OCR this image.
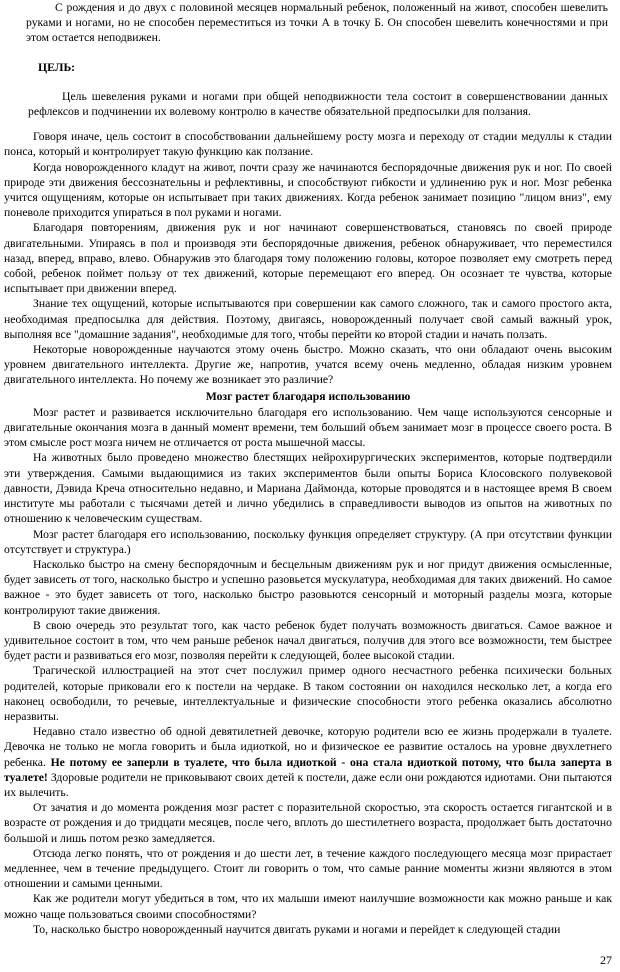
С рождения и до двух с половиной месяцев нормальный ребенок, положенный на живот, способен шевелить руками и ногами, но не способен переместиться из точки А в точку Б. Он способен шевелить конечностями и при этом остается неподвижен.

ЦЕЛЬ:

Цель шевеления руками и ногами при общей неподвижности тела состоит в совершенствовании данных рефлексов и подчинении их волевому контролю в качестве обязательной предпосылки для ползания.

Говоря иначе, цель состоит в способствовании дальнейшему росту мозга и переходу от стадии медуллы к стадии понса, который и контролирует такую функцию как ползание.

Когда новорожденного кладут на живот, почти сразу же начинаются беспорядочные движения рук и ног. По своей природе эти движения бессознательны и рефлективны, и способствуют гибкости и удлинению рук и ног. Мозг ребенка учится ощущениям, которые он испытывает при таких движениях. Когда ребенок занимает позицию "лицом вниз", ему поневоле приходится упираться в пол руками и ногами.

Благодаря повторениям, движения рук и ног начинают совершенствоваться, становясь по своей природе двигательными. Упираясь в пол и производя эти беспорядочные движения, ребенок обнаруживает, что переместился назад, вперед, вправо, влево. Обнаружив это благодаря тому положению головы, которое позволяет ему смотреть перед собой, ребенок поймет пользу от тех движений, которые перемещают его вперед. Он осознает те чувства, которые испытывает при движении вперед.

Знание тех ощущений, которые испытываются при совершении как самого сложного, так и самого простого акта, необходимая предпосылка для действия. Поэтому, двигаясь, новорожденный получает свой самый важный урок, выполняя все "домашние задания", необходимые для того, чтобы перейти ко второй стадии и начать ползать.

Некоторые новорожденные научаются этому очень быстро. Можно сказать, что они обладают очень высоким уровнем двигательного интеллекта. Другие же, напротив, учатся всему очень медленно, обладая низким уровнем двигательного интеллекта. Но почему же возникает это различие?

Мозг растет благодаря использованию

Мозг растет и развивается исключительно благодаря его использованию. Чем чаще используются сенсорные и двигательные окончания мозга в данный момент времени, тем больший объем занимает мозг в процессе своего роста. В этом смысле рост мозга ничем не отличается от роста мышечной массы.

На животных было проведено множество блестящих нейрохирургических экспериментов, которые подтвердили эти утверждения. Самыми выдающимися из таких экспериментов были опыты Бориса Клосовского полувековой давности, Дэвида Креча относительно недавно, и Мариана Даймонда, которые проводятся и в настоящее время В своем институте мы работали с тысячами детей и лично убедились в справедливости выводов из опытов на животных по отношению к человеческим существам.

Мозг растет благодаря его использованию, поскольку функция определяет структуру. (А при отсутствии функции отсутствует и структура.)

Насколько быстро на смену беспорядочным и бесцельным движениям рук и ног придут движения осмысленные, будет зависеть от того, насколько быстро и успешно разовьется мускулатура, необходимая для таких движений. Но самое важное - это будет зависеть от того, насколько быстро разовьются сенсорный и моторный разделы мозга, которые контролируют такие движения.

В свою очередь это результат того, как часто ребенок будет получать возможность двигаться. Самое важное и удивительное состоит в том, что чем раньше ребенок начал двигаться, получив для этого все возможности, тем быстрее будет расти и развиваться его мозг, позволяя перейти к следующей, более высокой стадии.

Трагической иллюстрацией на этот счет послужил пример одного несчастного ребенка психически больных родителей, которые приковали его к постели на чердаке. В таком состоянии он находился несколько лет, а когда его наконец освободили, то речевые, интеллектуальные и физические способности этого ребенка оказались абсолютно неразвиты.

Недавно стало известно об одной девятилетней девочке, которую родители всю ее жизнь продержали в туалете. Девочка не только не могла говорить и была идиоткой, но и физическое ее развитие осталось на уровне двухлетнего ребенка. Не потому ее заперли в туалете, что была идиоткой - она стала идиоткой потому, что была заперта в туалете! Здоровые родители не приковывают своих детей к постели, даже если они рождаются идиотами. Они пытаются их вылечить.

От зачатия и до момента рождения мозг растет с поразительной скоростью, эта скорость остается гигантской и в возрасте от рождения и до тридцати месяцев, после чего, вплоть до шестилетнего возраста, продолжает быть достаточно большой и лишь потом резко замедляется.

Отсюда легко понять, что от рождения и до шести лет, в течение каждого последующего месяца мозг прирастает медленнее, чем в течение предыдущего. Стоит ли говорить о том, что самые ранние моменты жизни являются в этом отношении и самыми ценными.

Как же родители могут убедиться в том, что их малыши имеют наилучшие возможности как можно раньше и как можно чаще пользоваться своими способностями?

То, насколько быстро новорожденный научится двигать руками и ногами и перейдет к следующей стадии

27
